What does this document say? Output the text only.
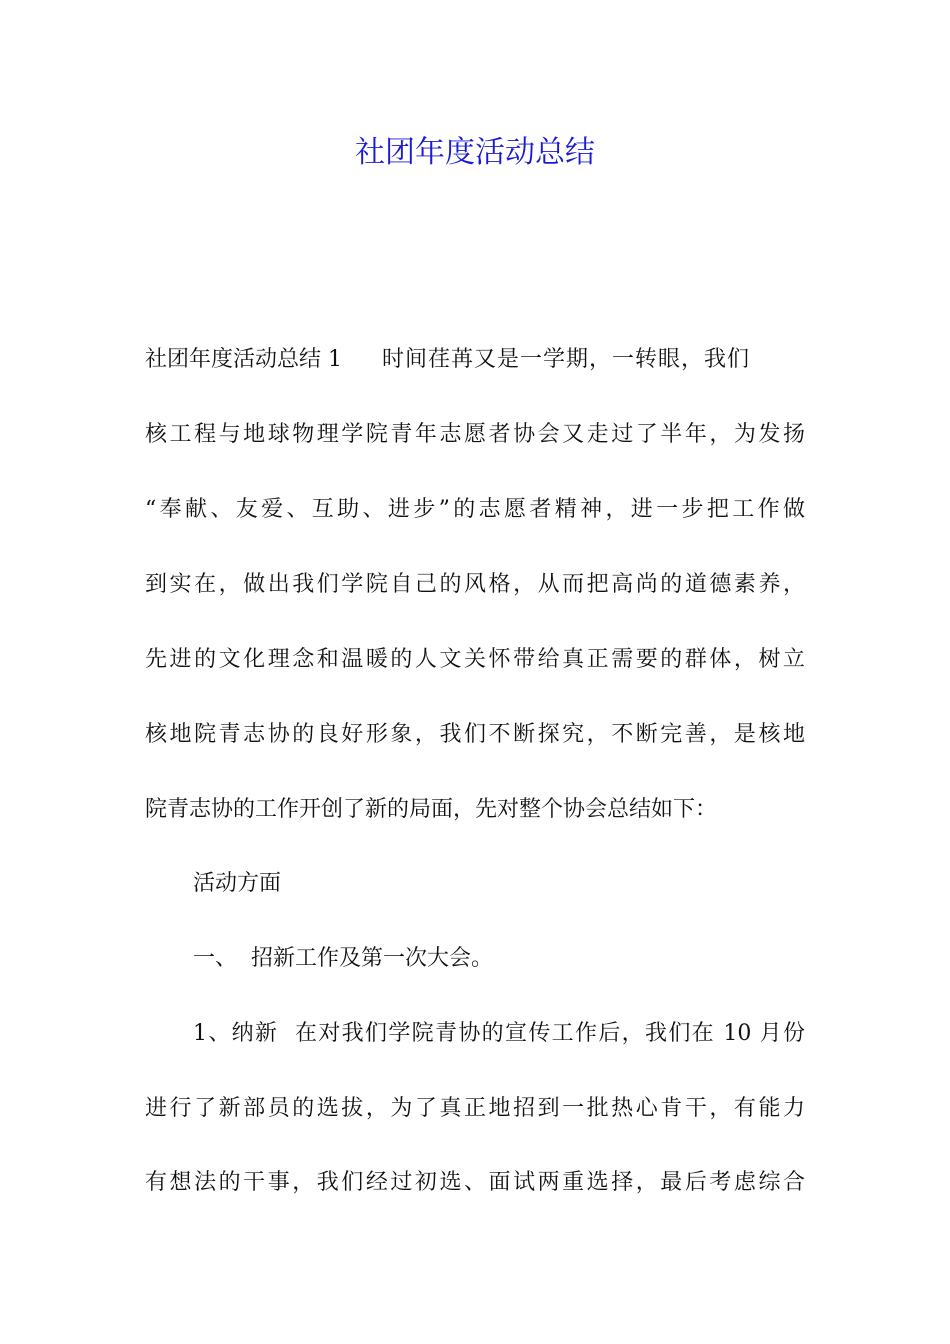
社团年度活动总结
社团年度活动总结 1 时间荏苒又是一学期，一转眼，我们
核工程与地球物理学院青年志愿者协会又走过了半年，为发扬
“奉献、友爱、互助、进步”的志愿者精神，进一步把工作做
到实在，做出我们学院自己的风格，从而把高尚的道德素养，
先进的文化理念和温暖的人文关怀带给真正需要的群体，树立
核地院青志协的良好形象，我们不断探究，不断完善，是核地
院青志协的工作开创了新的局面，先对整个协会总结如下：
活动方面
一、  招新工作及第一次大会。
1、纳新  在对我们学院青协的宣传工作后，我们在 10 月份
进行了新部员的选拔，为了真正地招到一批热心肯干，有能力
有想法的干事，我们经过初选、面试两重选择，最后考虑综合
